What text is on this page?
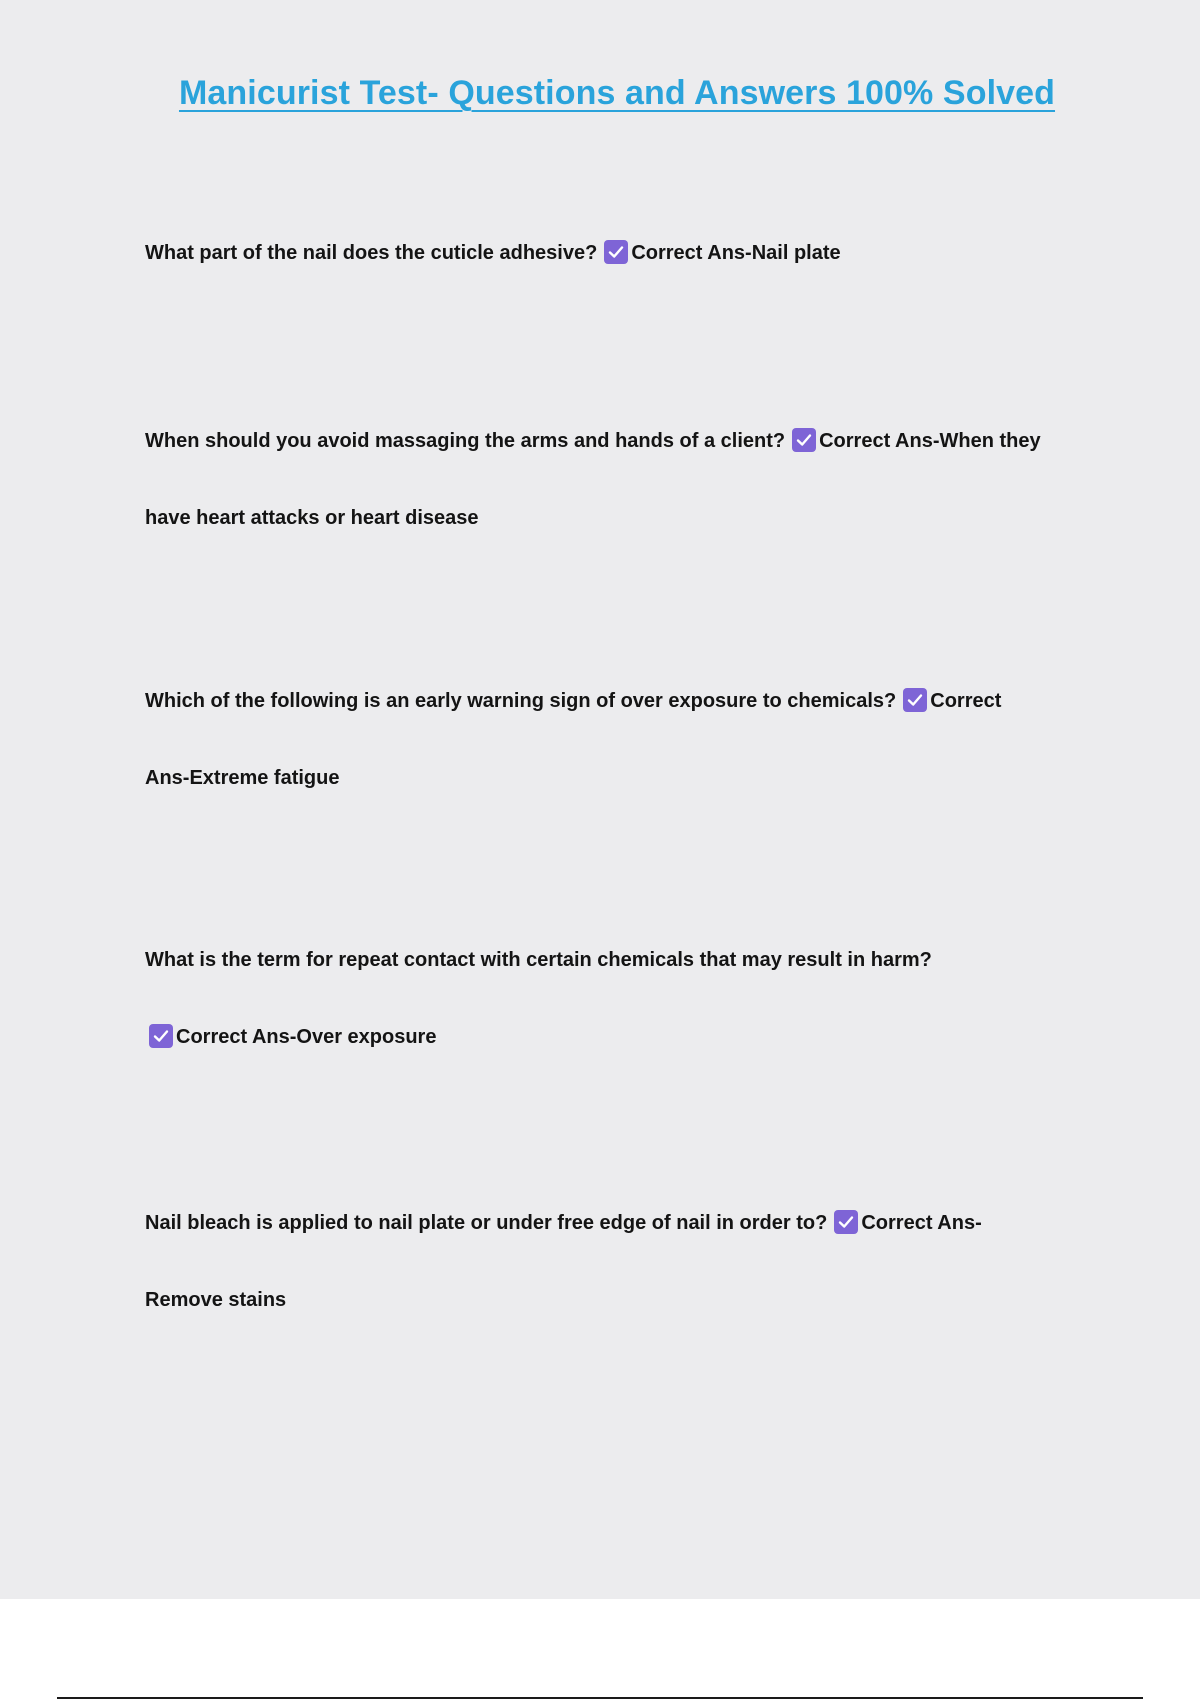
Manicurist Test- Questions and Answers 100% Solved
What part of the nail does the cuticle adhesive? Correct Ans-Nail plate
When should you avoid massaging the arms and hands of a client? Correct Ans-When they
have heart attacks or heart disease
Which of the following is an early warning sign of over exposure to chemicals? Correct
Ans-Extreme fatigue
What is the term for repeat contact with certain chemicals that may result in harm?
Correct Ans-Over exposure
Nail bleach is applied to nail plate or under free edge of nail in order to? Correct Ans-
Remove stains
